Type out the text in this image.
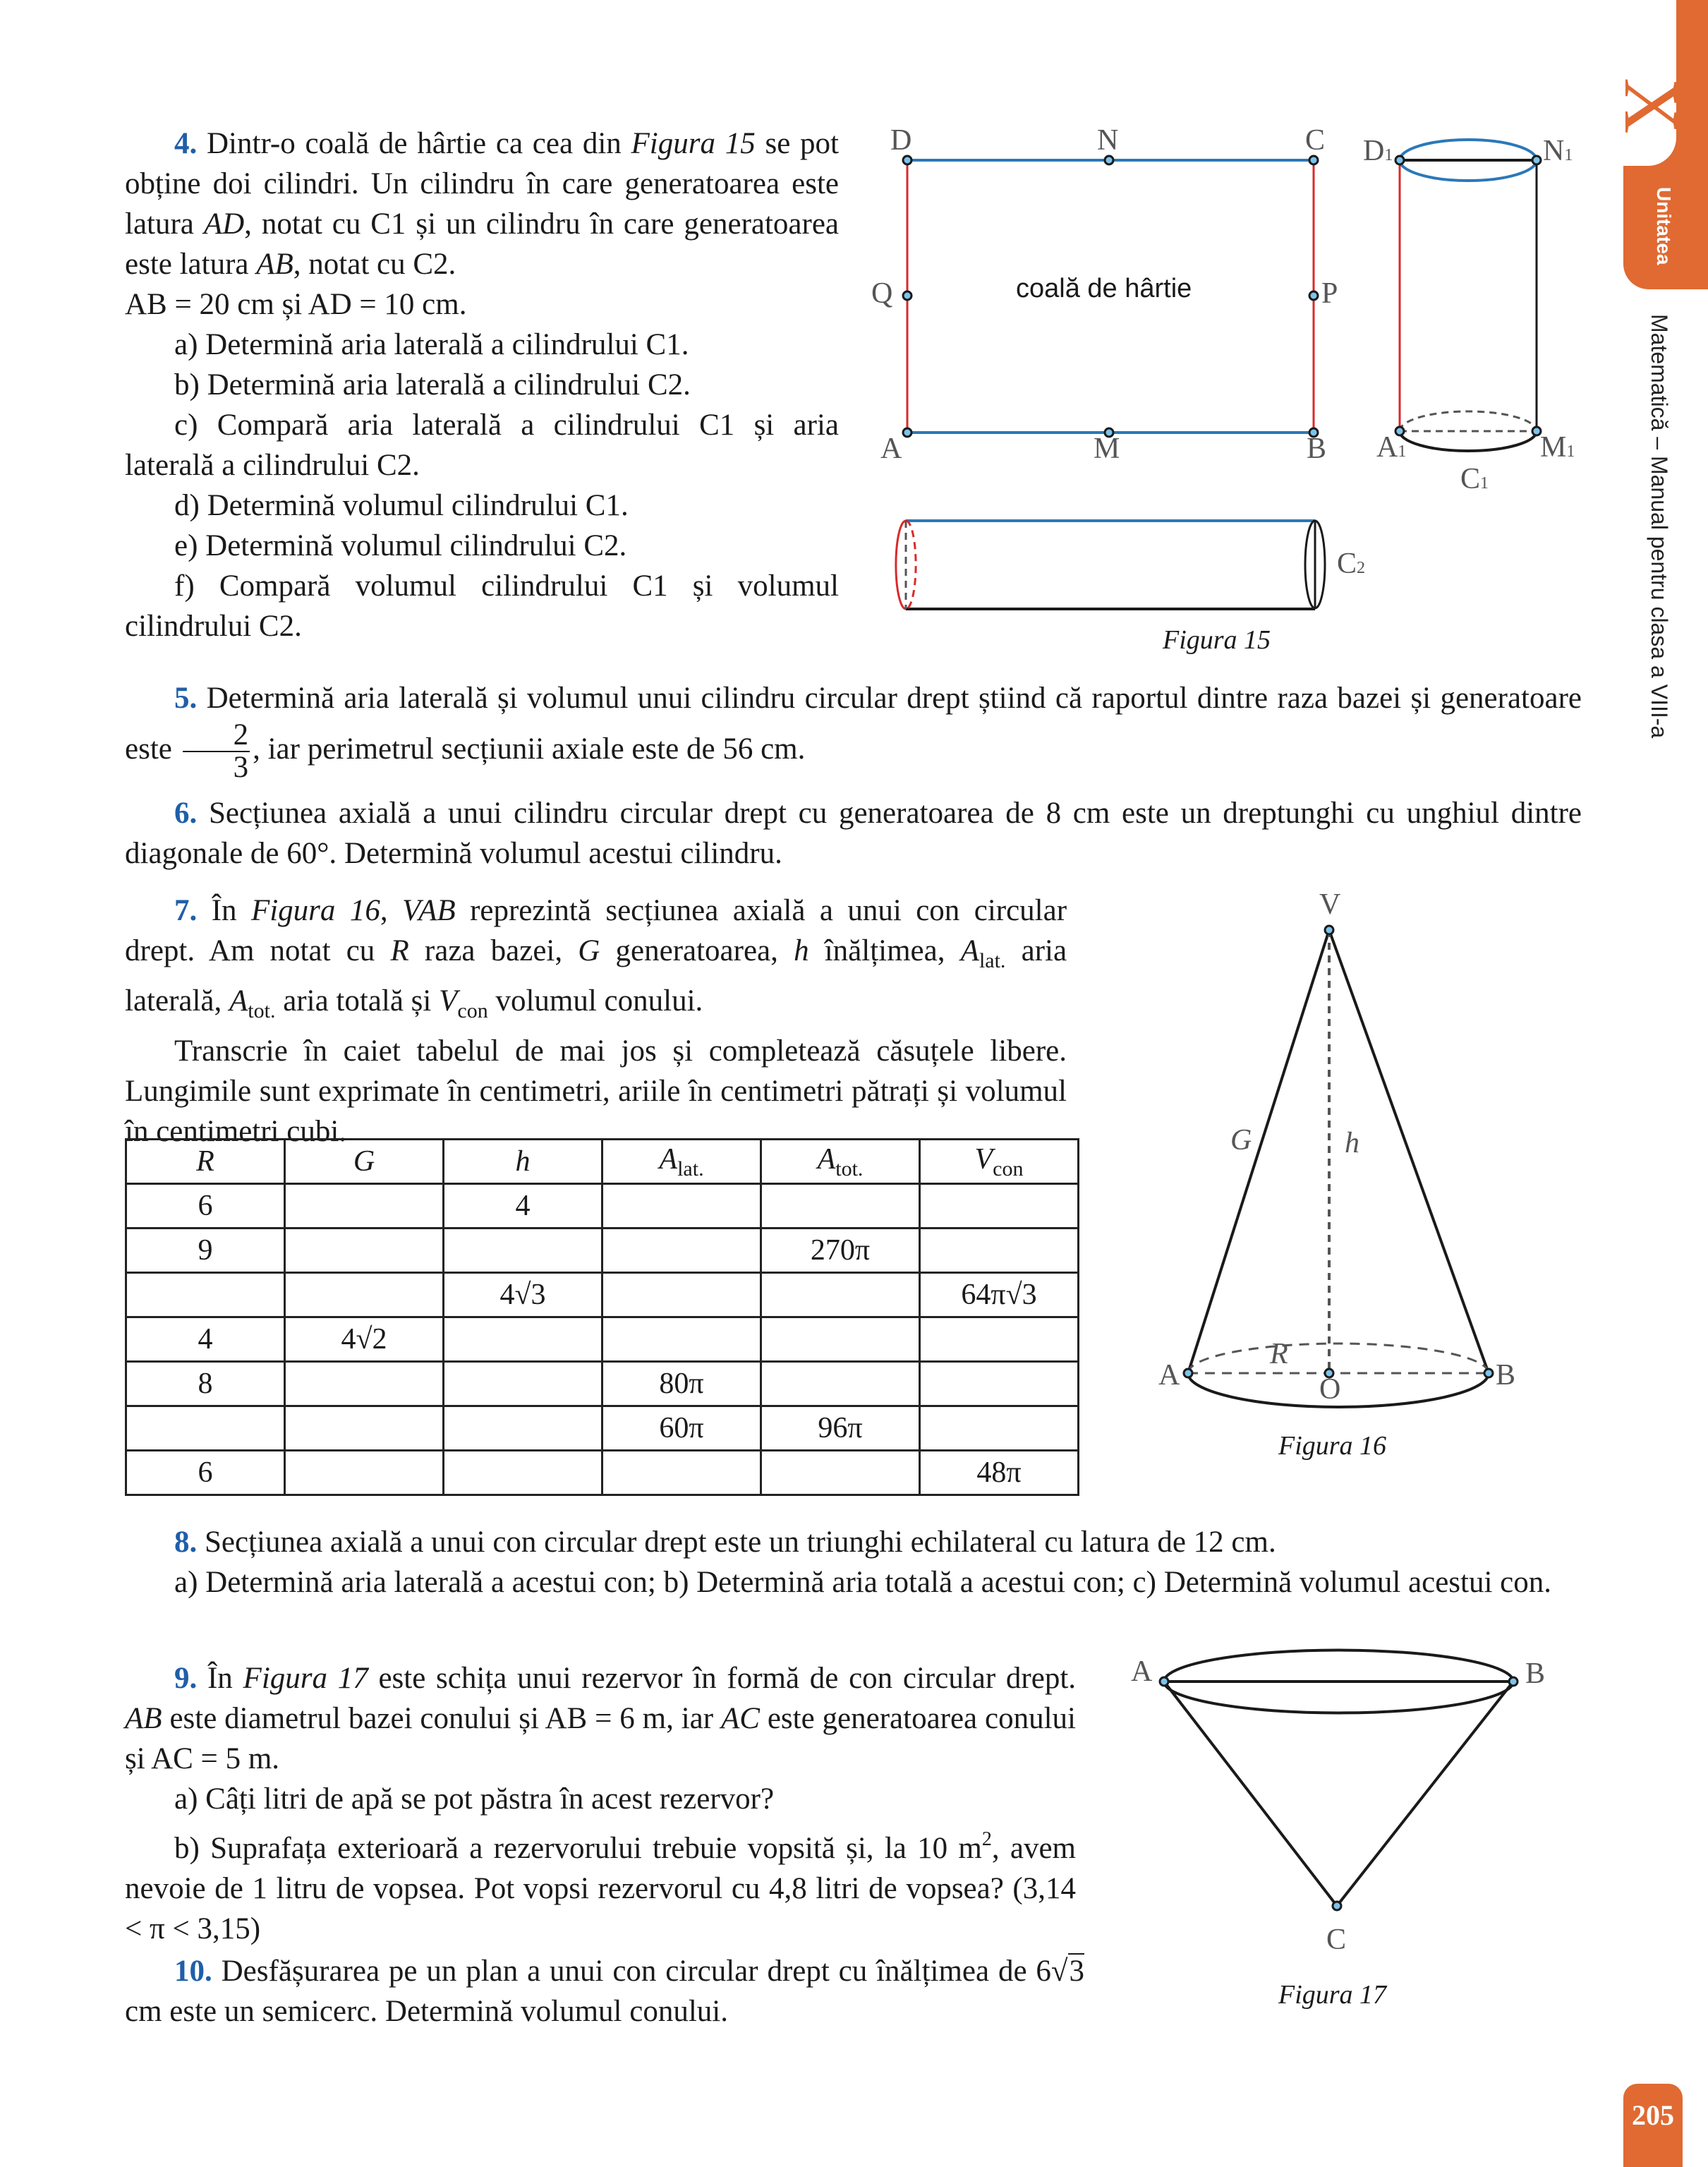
X
Unitatea
Matematică – Manual pentru clasa a VIII-a
205
4. Dintr-o coală de hârtie ca cea din Figura 15 se pot obține doi cilindri. Un cilindru în care generatoarea este latura AD, notat cu C1 și un cilindru în care generatoarea este latura AB, notat cu C2.
AB = 20 cm și AD = 10 cm.
a) Determină aria laterală a cilindrului C1.
b) Determină aria laterală a cilindrului C2.
c) Compară aria laterală a cilindrului C1 și aria laterală a cilindrului C2.
d) Determină volumul cilindrului C1.
e) Determină volumul cilindrului C2.
f) Compară volumul cilindrului C1 și volumul cilindrului C2.
D	N	C
Q	P
A	M	B
coală de hârtie
D1	N1
A1	M1
C1
C2
Figura 15
5. Determină aria laterală și volumul unui cilindru circular drept știind că raportul dintre raza bazei și generatoare este $\frac{2}{3}$ , iar perimetrul secțiunii axiale este de 56 cm.
6. Secțiunea axială a unui cilindru circular drept cu generatoarea de 8 cm este un dreptunghi cu unghiul dintre diagonale de 60°. Determină volumul acestui cilindru.
7. În Figura 16, VAB reprezintă secțiunea axială a unui con circular drept. Am notat cu R raza bazei, G generatoarea, h înălțimea, $A_{lat.}$ aria laterală, $A_{tot.}$ aria totală și $V_{con}$ volumul conului.
Transcrie în caiet tabelul de mai jos și completează căsuțele libere. Lungimile sunt exprimate în centimetri, ariile în centimetri pătrați și volumul în centimetri cubi.
R	G	h	$A_{lat.}$	$A_{tot.}$	$V_{con}$
6		4			
9				270π	
		4√3			64π√3
4	4√2				
8			80π		
			60π	96π	
6					48π
V
A	B
O
G	h
R
Figura 16
8. Secțiunea axială a unui con circular drept este un triunghi echilateral cu latura de 12 cm.
a) Determină aria laterală a acestui con; b) Determină aria totală a acestui con; c) Determină volumul acestui con.
9. În Figura 17 este schița unui rezervor în formă de con circular drept. AB este diametrul bazei conului și AB = 6 m, iar AC este generatoarea conului și AC = 5 m.
a) Câți litri de apă se pot păstra în acest rezervor?
b) Suprafața exterioară a rezervorului trebuie vopsită și, la 10 $m^2$, avem nevoie de 1 litru de vopsea. Pot vopsi rezervorul cu 4,8 litri de vopsea? (3,14 < π < 3,15)
10. Desfășurarea pe un plan a unui con circular drept cu înălțimea de 6√3 cm este un semicerc. Determină volumul conului.
A	B
C
Figura 17
